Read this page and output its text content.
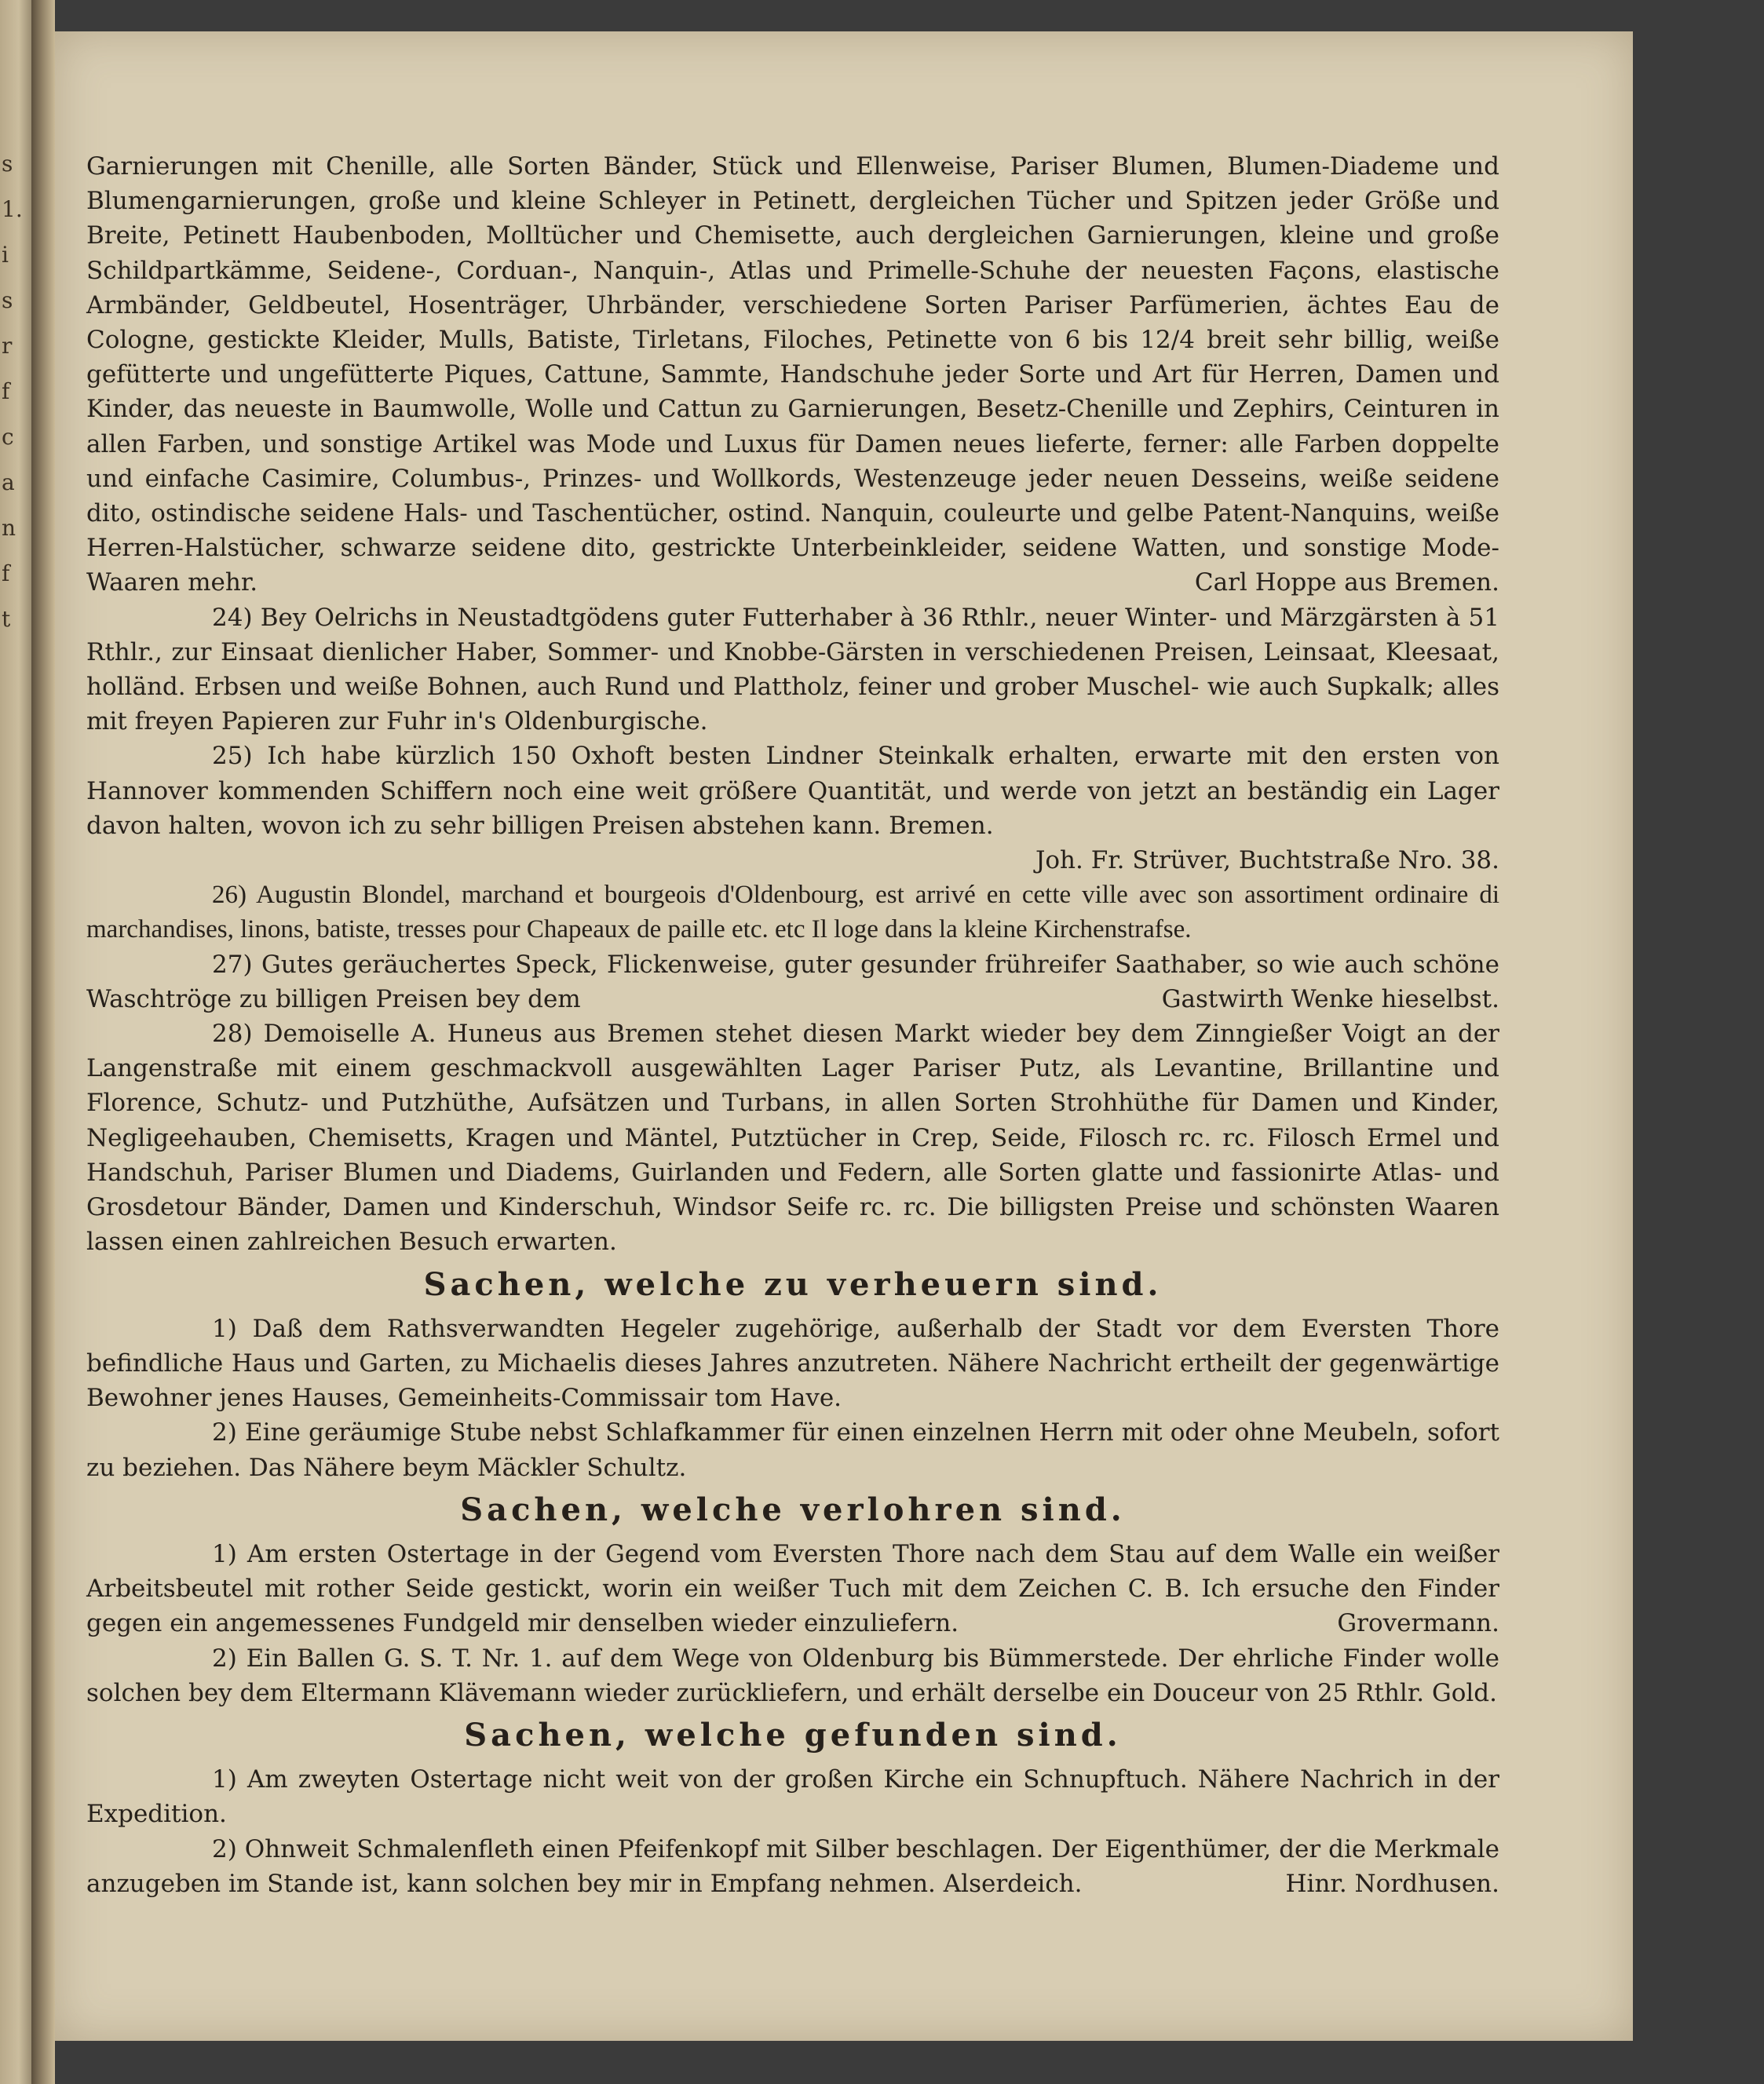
s
1.
i
s
r
f
c
a
n
f
t

Garnierungen mit Chenille, alle Sorten Bänder, Stück und Ellenweise, Pariser Blumen, Blumen-Diademe und Blumengarnierungen, große und kleine Schleyer in Petinett, dergleichen Tücher und Spitzen jeder Größe und Breite, Petinett Haubenboden, Molltücher und Chemisette, auch dergleichen Garnierungen, kleine und große Schildpartkämme, Seidene-, Corduan-, Nanquin-, Atlas und Primelle-Schuhe der neuesten Façons, elastische Armbänder, Geldbeutel, Hosenträger, Uhrbänder, verschiedene Sorten Pariser Parfümerien, ächtes Eau de Cologne, gestickte Kleider, Mulls, Batiste, Tirletans, Filoches, Petinette von 6 bis 12/4 breit sehr billig, weiße gefütterte und ungefütterte Piques, Cattune, Sammte, Handschuhe jeder Sorte und Art für Herren, Damen und Kinder, das neueste in Baumwolle, Wolle und Cattun zu Garnierungen, Besetz-Chenille und Zephirs, Ceinturen in allen Farben, und sonstige Artikel was Mode und Luxus für Damen neues lieferte, ferner: alle Farben doppelte und einfache Casimire, Columbus-, Prinzes- und Wollkords, Westenzeuge jeder neuen Desseins, weiße seidene dito, ostindische seidene Hals- und Taschentücher, ostind. Nanquin, couleurte und gelbe Patent-Nanquins, weiße Herren-Halstücher, schwarze seidene dito, gestrickte Unterbeinkleider, seidene Watten, und sonstige Mode-Waaren mehr.	Carl Hoppe aus Bremen.

24) Bey Oelrichs in Neustadtgödens guter Futterhaber à 36 Rthlr., neuer Winter- und Märzgärsten à 51 Rthlr., zur Einsaat dienlicher Haber, Sommer- und Knobbe-Gärsten in verschiedenen Preisen, Leinsaat, Kleesaat, holländ. Erbsen und weiße Bohnen, auch Rund und Plattholz, feiner und grober Muschel- wie auch Supkalk; alles mit freyen Papieren zur Fuhr in's Oldenburgische.

25) Ich habe kürzlich 150 Oxhoft besten Lindner Steinkalk erhalten, erwarte mit den ersten von Hannover kommenden Schiffern noch eine weit größere Quantität, und werde von jetzt an beständig ein Lager davon halten, wovon ich zu sehr billigen Preisen abstehen kann. Bremen.

Joh. Fr. Strüver, Buchtstraße Nro. 38.

26) Augustin Blondel, marchand et bourgeois d'Oldenbourg, est arrivé en cette ville avec son assortiment ordinaire di marchandises, linons, batiste, tresses pour Chapeaux de paille etc. etc Il loge dans la kleine Kirchenstrafse.

27) Gutes geräuchertes Speck, Flickenweise, guter gesunder frühreifer Saathaber, so wie auch schöne Waschtröge zu billigen Preisen bey dem	Gastwirth Wenke hieselbst.

28) Demoiselle A. Huneus aus Bremen stehet diesen Markt wieder bey dem Zinngießer Voigt an der Langenstraße mit einem geschmackvoll ausgewählten Lager Pariser Putz, als Levantine, Brillantine und Florence, Schutz- und Putzhüthe, Aufsätzen und Turbans, in allen Sorten Strohhüthe für Damen und Kinder, Negligeehauben, Chemisetts, Kragen und Mäntel, Putztücher in Crep, Seide, Filosch rc. rc. Filosch Ermel und Handschuh, Pariser Blumen und Diadems, Guirlanden und Federn, alle Sorten glatte und fassionirte Atlas- und Grosdetour Bänder, Damen und Kinderschuh, Windsor Seife rc. rc. Die billigsten Preise und schönsten Waaren lassen einen zahlreichen Besuch erwarten.

Sachen, welche zu verheuern sind.

1) Daß dem Rathsverwandten Hegeler zugehörige, außerhalb der Stadt vor dem Eversten Thore befindliche Haus und Garten, zu Michaelis dieses Jahres anzutreten. Nähere Nachricht ertheilt der gegenwärtige Bewohner jenes Hauses, Gemeinheits-Commissair tom Have.

2) Eine geräumige Stube nebst Schlafkammer für einen einzelnen Herrn mit oder ohne Meubeln, sofort zu beziehen. Das Nähere beym Mäckler Schultz.

Sachen, welche verlohren sind.

1) Am ersten Ostertage in der Gegend vom Eversten Thore nach dem Stau auf dem Walle ein weißer Arbeitsbeutel mit rother Seide gestickt, worin ein weißer Tuch mit dem Zeichen C. B. Ich ersuche den Finder gegen ein angemessenes Fundgeld mir denselben wieder einzuliefern.	Grovermann.

2) Ein Ballen G. S. T. Nr. 1. auf dem Wege von Oldenburg bis Bümmerstede. Der ehrliche Finder wolle solchen bey dem Eltermann Klävemann wieder zurückliefern, und erhält derselbe ein Douceur von 25 Rthlr. Gold.

Sachen, welche gefunden sind.

1) Am zweyten Ostertage nicht weit von der großen Kirche ein Schnupftuch. Nähere Nachrich in der Expedition.

2) Ohnweit Schmalenfleth einen Pfeifenkopf mit Silber beschlagen. Der Eigenthümer, der die Merkmale anzugeben im Stande ist, kann solchen bey mir in Empfang nehmen. Alserdeich.	Hinr. Nordhusen.
